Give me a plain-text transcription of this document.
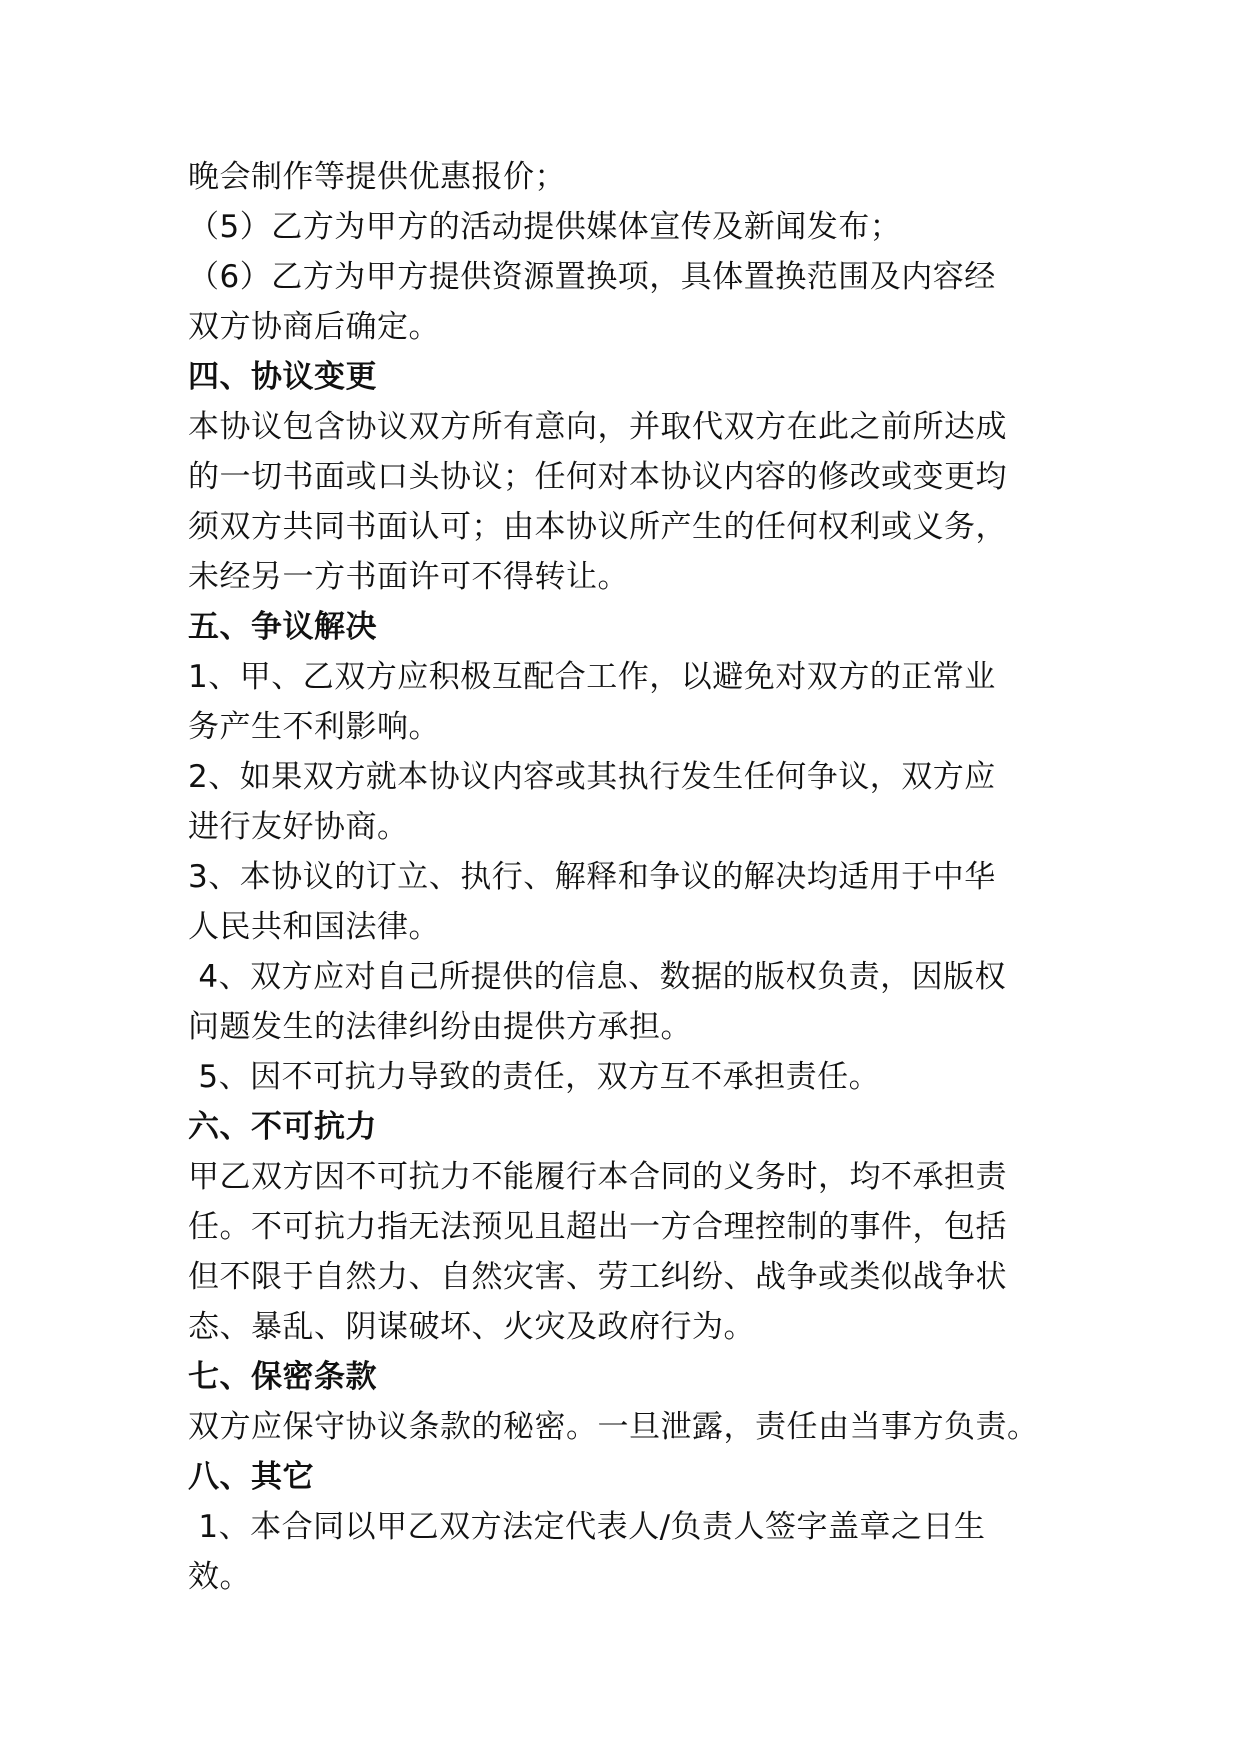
晚会制作等提供优惠报价；
（5）乙方为甲方的活动提供媒体宣传及新闻发布；
（6）乙方为甲方提供资源置换项，具体置换范围及内容经
双方协商后确定。
四、协议变更
本协议包含协议双方所有意向，并取代双方在此之前所达成
的一切书面或口头协议；任何对本协议内容的修改或变更均
须双方共同书面认可；由本协议所产生的任何权利或义务，
未经另一方书面许可不得转让。
五、争议解决
1、甲、乙双方应积极互配合工作，以避免对双方的正常业
务产生不利影响。
2、如果双方就本协议内容或其执行发生任何争议，双方应
进行友好协商。
3、本协议的订立、执行、解释和争议的解决均适用于中华
人民共和国法律。
4、双方应对自己所提供的信息、数据的版权负责，因版权
问题发生的法律纠纷由提供方承担。
5、因不可抗力导致的责任，双方互不承担责任。
六、不可抗力
甲乙双方因不可抗力不能履行本合同的义务时，均不承担责
任。不可抗力指无法预见且超出一方合理控制的事件，包括
但不限于自然力、自然灾害、劳工纠纷、战争或类似战争状
态、暴乱、阴谋破坏、火灾及政府行为。
七、保密条款
双方应保守协议条款的秘密。一旦泄露，责任由当事方负责。
八、其它
1、本合同以甲乙双方法定代表人/负责人签字盖章之日生
效。
